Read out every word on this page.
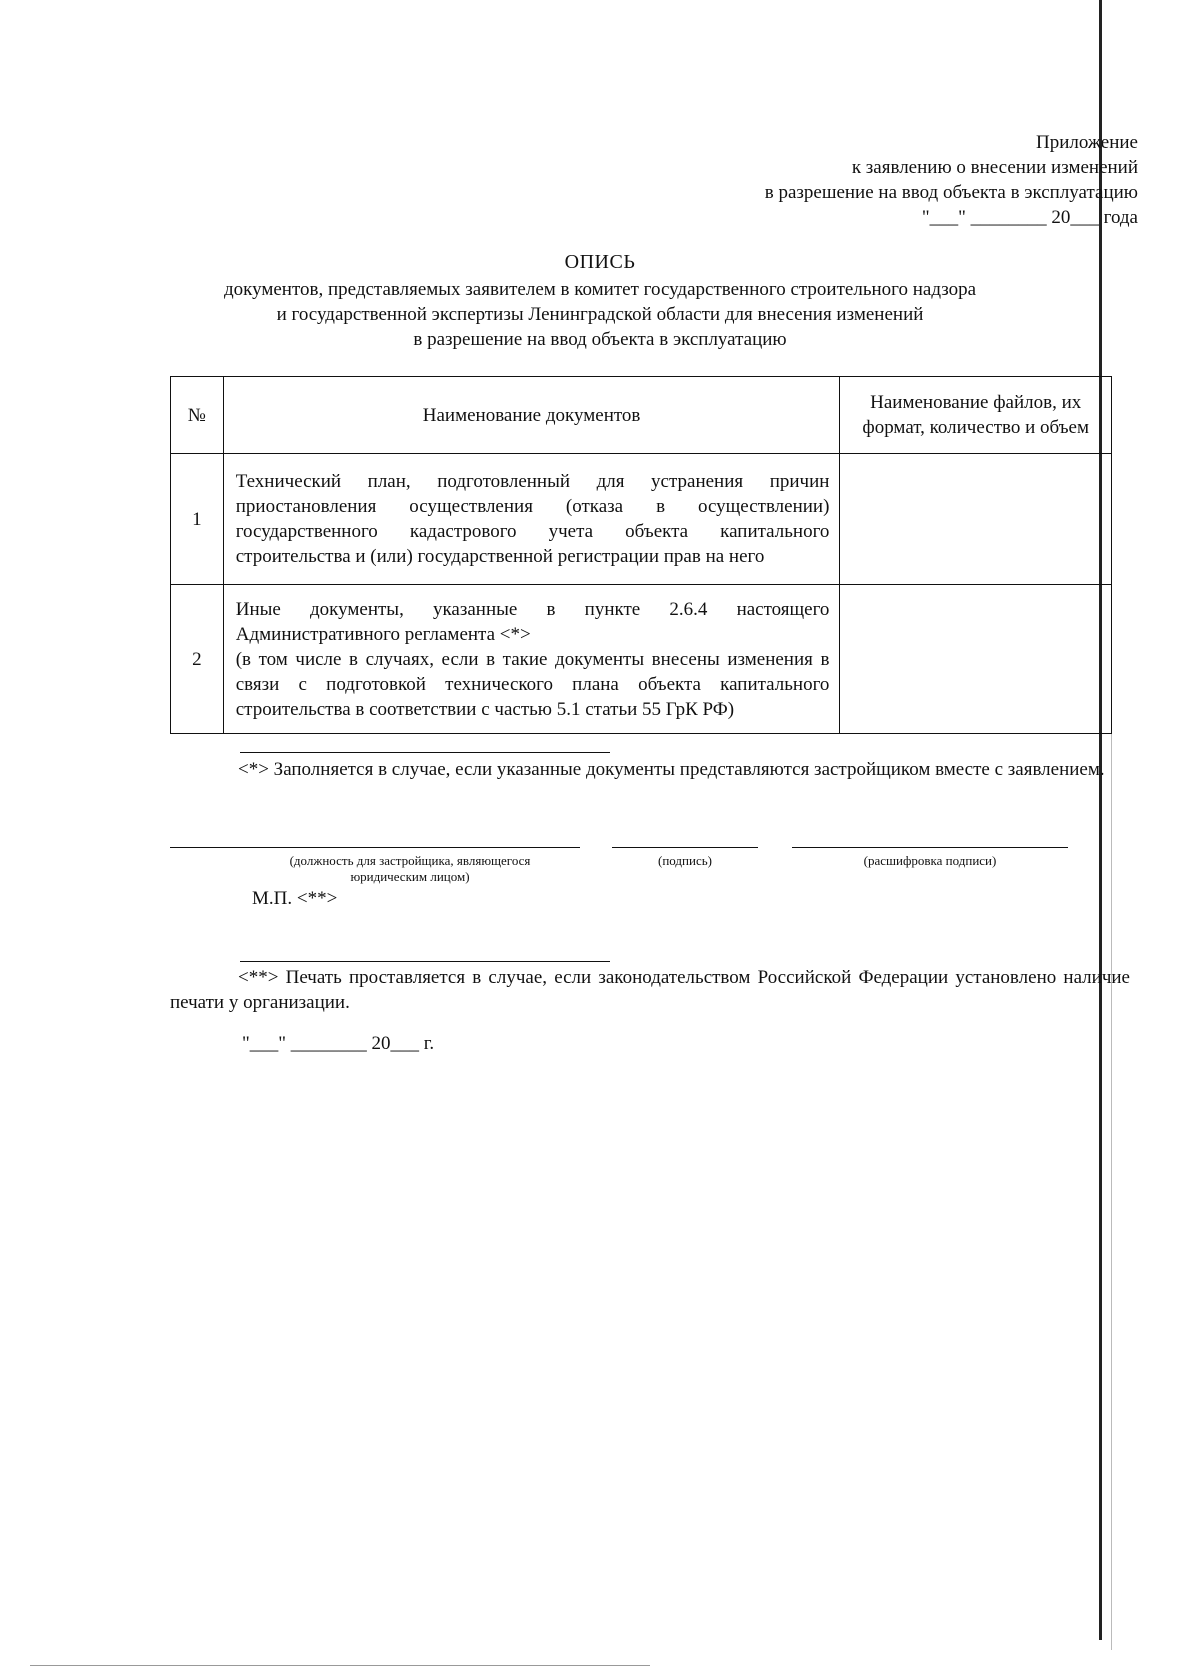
Приложение
к заявлению о внесении изменений
в разрешение на ввод объекта в эксплуатацию
"___" ________ 20___ года
ОПИСЬ
документов, представляемых заявителем в комитет государственного строительного надзора
и государственной экспертизы Ленинградской области для внесения изменений
в разрешение на ввод объекта в эксплуатацию
№	Наименование документов	Наименование файлов, их формат, количество и объем
1	Технический план, подготовленный для устранения причин приостановления осуществления (отказа в осуществлении) государственного кадастрового учета объекта капитального строительства и (или) государственной регистрации прав на него	
2	Иные документы, указанные в пункте 2.6.4 настоящего Административного регламента <*>
(в том числе в случаях, если в такие документы внесены изменения в связи с подготовкой технического плана объекта капитального строительства в соответствии с частью 5.1 статьи 55 ГрК РФ)	

<*> Заполняется в случае, если указанные документы представляются застройщиком вместе с заявлением.
(должность для застройщика, являющегося юридическим лицом)
(подпись)	(расшифровка подписи)
М.П. <**>
<**> Печать проставляется в случае, если законодательством Российской Федерации установлено наличие печати у организации.
"___" ________ 20___ г.
